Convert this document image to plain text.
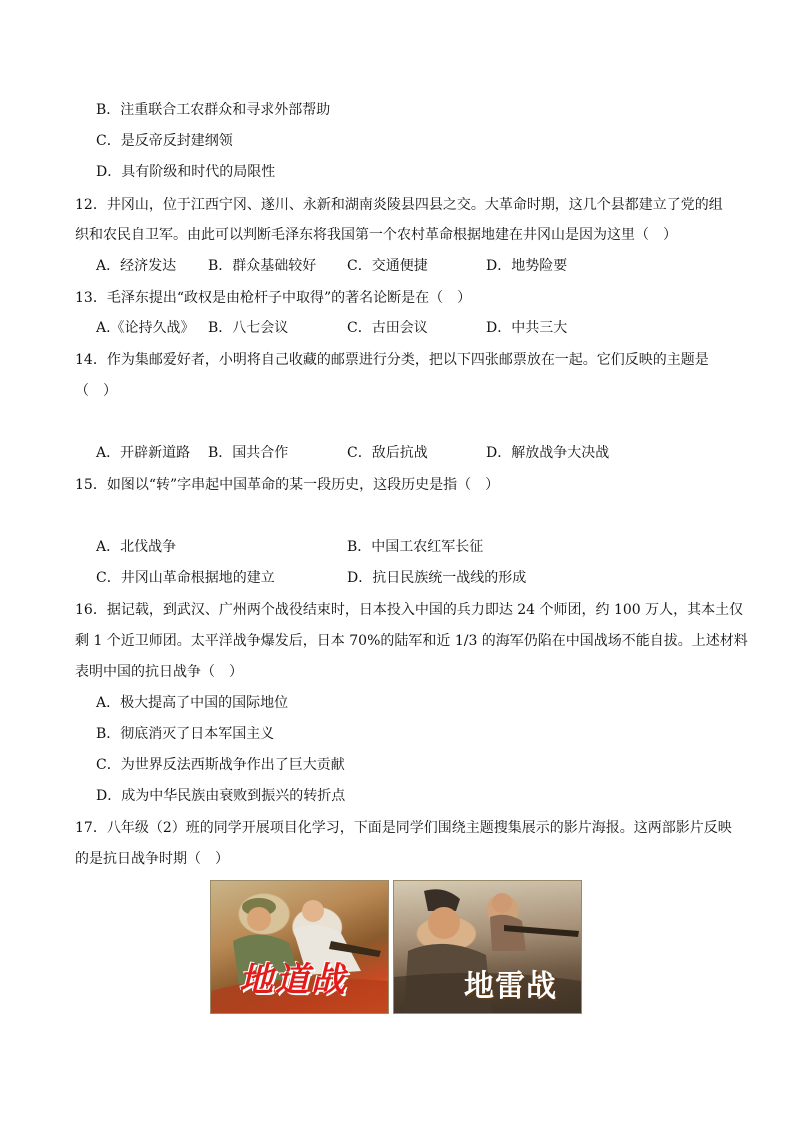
B．注重联合工农群众和寻求外部帮助
C．是反帝反封建纲领
D．具有阶级和时代的局限性
12．井冈山，位于江西宁冈、遂川、永新和湖南炎陵县四县之交。大革命时期，这几个县都建立了党的组
织和农民自卫军。由此可以判断毛泽东将我国第一个农村革命根据地建在井冈山是因为这里（　）
A．经济发达 B．群众基础较好 C．交通便捷	D．地势险要
13．毛泽东提出“政权是由枪杆子中取得”的著名论断是在（　）
A.《论持久战》 B．八七会议	C．古田会议	D．中共三大
14．作为集邮爱好者，小明将自己收藏的邮票进行分类，把以下四张邮票放在一起。它们反映的主题是
（　）
A．开辟新道路 B．国共合作	C．敌后抗战	D．解放战争大决战
15．如图以“转”字串起中国革命的某一段历史，这段历史是指（　）
A．北伐战争	B．中国工农红军长征
C．井冈山革命根据地的建立	D．抗日民族统一战线的形成
16．据记载，到武汉、广州两个战役结束时，日本投入中国的兵力即达 24 个师团，约 100 万人，其本土仅
剩 1 个近卫师团。太平洋战争爆发后，日本 70%的陆军和近 1/3 的海军仍陷在中国战场不能自拔。上述材料
表明中国的抗日战争（　）
A．极大提高了中国的国际地位
B．彻底消灭了日本军国主义
C．为世界反法西斯战争作出了巨大贡献
D．成为中华民族由衰败到振兴的转折点
17．八年级（2）班的同学开展项目化学习，下面是同学们围绕主题搜集展示的影片海报。这两部影片反映
的是抗日战争时期（　）
地道战	地雷战
